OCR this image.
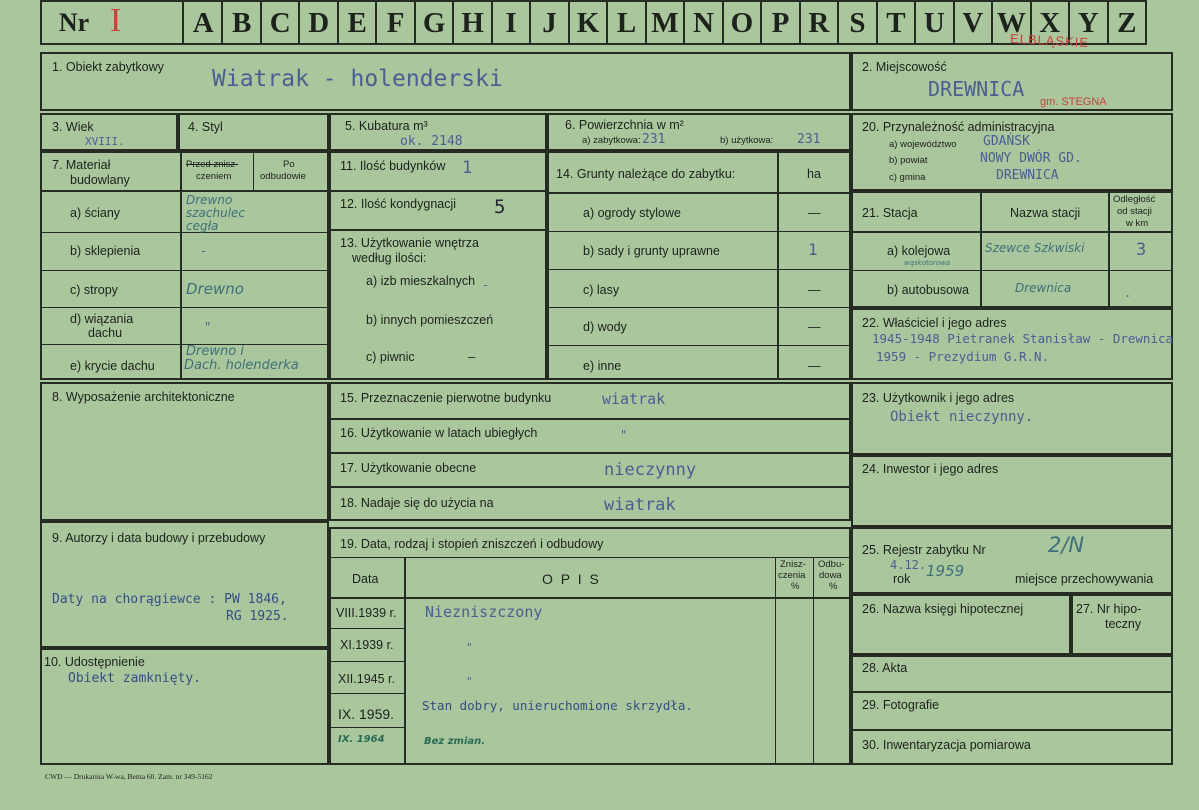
Nr I	A B C D E F G H I J K L M N O P R S T U V W X Y Z
ELBLĄSKIE
1. Obiekt zabytkowy Wiatrak - holenderski	2. Miejscowość
DREWNICA
gm. STEGNA
3. Wiek
XVIII.
4. Styl	5. Kubatura m³
ok. 2148
6. Powierzchnia w m²
a) zabytkowa: 231	b) użytkowa: 231
7. Materiał
budowlany
Przed znisz-
czeniem
Po
odbudowie
a) ściany
Drewno
szachulec
cegła
b) sklepienia	-
c) stropy	Drewno
d) wiązania
dachu	"
e) krycie dachu
Drewno i
Dach. holenderka
11. Ilość budynków 1
12. Ilość kondygnacji 5
13. Użytkowanie wnętrza
według ilości:
a) izb mieszkalnych -
b) innych pomieszczeń
c) piwnic	—
14. Grunty należące do zabytku:	ha
a) ogrody stylowe	—
b) sady i grunty uprawne	1
c) lasy	—
d) wody	—
e) inne	—
20. Przynależność administracyjna
a) województwo GDAŃSK
b) powiat	NOWY DWÓR GD.
c) gmina	DREWNICA
21. Stacja	Nazwa stacji
Odległość
od stacji
w km
a) kolejowa
wąskotorowa
Szewce Szkwiski	3
b) autobusowa	Drewnica	.
22. Właściciel i jego adres
1945-1948 Pietranek Stanisław - Drewnica
1959 - Prezydium G.R.N.
8. Wyposażenie architektoniczne	15. Przeznaczenie pierwotne budynku	wiatrak
16. Użytkowanie w latach ubiegłych	"
17. Użytkowanie obecne	nieczynny
18. Nadaje się do użycia na	wiatrak
23. Użytkownik i jego adres
Obiekt nieczynny.
24. Inwestor i jego adres
9. Autorzy i data budowy i przebudowy
Daty na chorągiewce : PW 1846,
RG 1925.
10. Udostępnienie
Obiekt zamknięty.
19. Data, rodzaj i stopień zniszczeń i odbudowy
Data	O P I S
Znisz-
czenia
%
Odbu-
dowa
%
VIII.1939 r. Niezniszczony
XI.1939 r.	"
XII.1945 r.	"
IX. 1959.
Stan dobry, unieruchomione skrzydła.
IX. 1964	Bez zmian.
25. Rejestr zabytku Nr	2/N
4.12.
rok 1959	miejsce przechowywania
26. Nazwa księgi hipotecznej	27. Nr hipo-
teczny
28. Akta
29. Fotografie
30. Inwentaryzacja pomiarowa
CWD — Drukarnia W-wa, Bema 60. Zam. nr 349-5162
